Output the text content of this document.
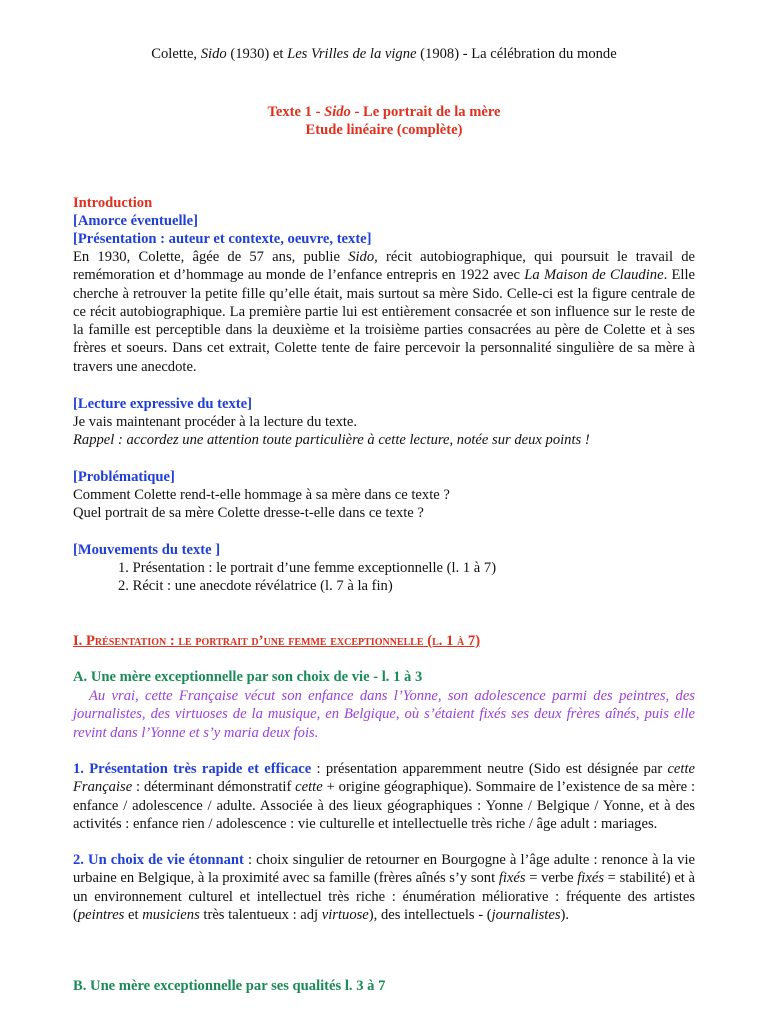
Colette, Sido (1930) et Les Vrilles de la vigne (1908) - La célébration du monde
Texte 1 - Sido - Le portrait de la mère
Etude linéaire (complète)
Introduction
[Amorce éventuelle]
[Présentation : auteur et contexte, oeuvre, texte]
En 1930, Colette, âgée de 57 ans, publie Sido, récit autobiographique, qui poursuit le travail de remémoration et d’hommage au monde de l’enfance entrepris en 1922 avec La Maison de Claudine. Elle cherche à retrouver la petite fille qu’elle était, mais surtout sa mère Sido. Celle-ci est la figure centrale de ce récit autobiographique. La première partie lui est entièrement consacrée et son influence sur le reste de la famille est perceptible dans la deuxième et la troisième parties consacrées au père de Colette et à ses frères et soeurs. Dans cet extrait, Colette tente de faire percevoir la personnalité singulière de sa mère à travers une anecdote.
[Lecture expressive du texte]
Je vais maintenant procéder à la lecture du texte.
Rappel : accordez une attention toute particulière à cette lecture, notée sur deux points !
[Problématique]
Comment Colette rend-t-elle hommage à sa mère dans ce texte ?
Quel portrait de sa mère Colette dresse-t-elle dans ce texte ?
[Mouvements du texte ]
1. Présentation : le portrait d’une femme exceptionnelle (l. 1 à 7)
2. Récit : une anecdote révélatrice (l. 7 à la fin)
I. Présentation : le portrait d’une femme exceptionnelle (l. 1 à 7)
A. Une mère exceptionnelle par son choix de vie - l. 1 à 3
Au vrai, cette Française vécut son enfance dans l’Yonne, son adolescence parmi des peintres, des journalistes, des virtuoses de la musique, en Belgique, où s’étaient fixés ses deux frères aînés, puis elle revint dans l’Yonne et s’y maria deux fois.
1. Présentation très rapide et efficace : présentation apparemment neutre (Sido est désignée par cette Française : déterminant démonstratif cette + origine géographique). Sommaire de l’existence de sa mère : enfance / adolescence / adulte. Associée à des lieux géographiques : Yonne / Belgique / Yonne, et à des activités : enfance rien / adolescence : vie culturelle et intellectuelle très riche / âge adult : mariages.
2. Un choix de vie étonnant : choix singulier de retourner en Bourgogne à l’âge adulte : renonce à la vie urbaine en Belgique, à la proximité avec sa famille (frères aînés s’y sont fixés = verbe fixés = stabilité) et à un environnement culturel et intellectuel très riche : énumération méliorative : fréquente des artistes (peintres et musiciens très talentueux : adj virtuose), des intellectuels - (journalistes).
B. Une mère exceptionnelle par ses qualités l. 3 à 7
